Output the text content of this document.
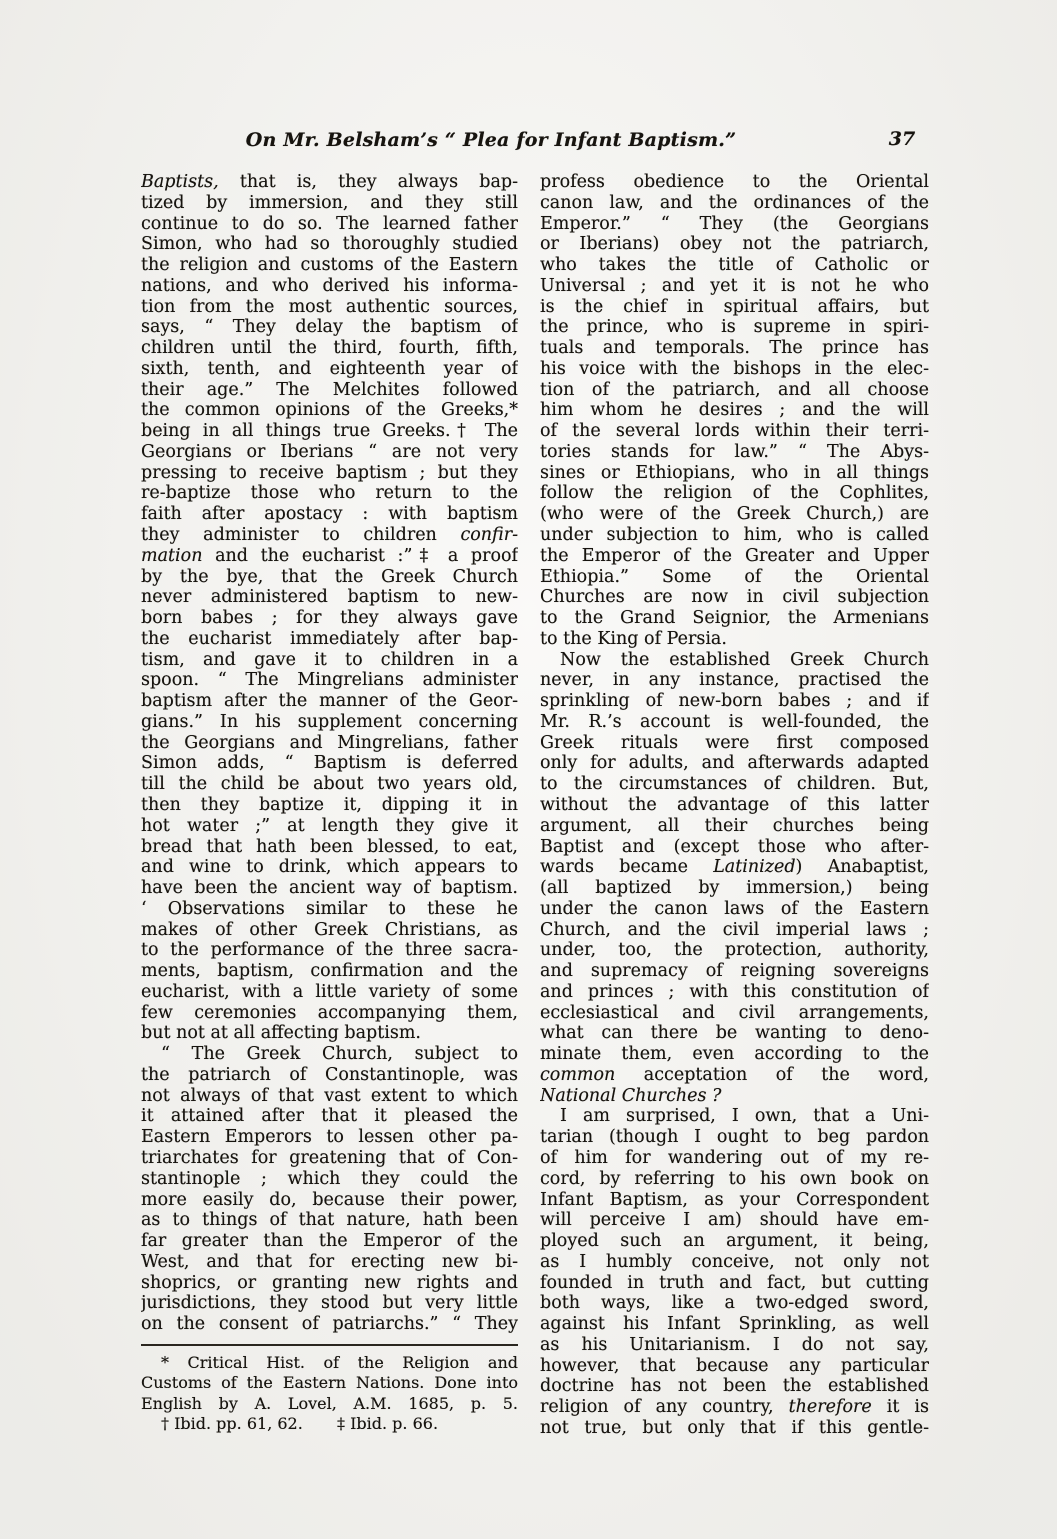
On Mr. Belsham’s “ Plea for Infant Baptism.”	37
Baptists, that is, they always bap-
tized by immersion, and they still
continue to do so. The learned father
Simon, who had so thoroughly studied
the religion and customs of the Eastern
nations, and who derived his informa-
tion from the most authentic sources,
says, “ They delay the baptism of
children until the third, fourth, fifth,
sixth, tenth, and eighteenth year of
their age.” The Melchites followed
the common opinions of the Greeks,*
being in all things true Greeks.† The
Georgians or Iberians “ are not very
pressing to receive baptism ; but they
re-baptize those who return to the
faith after apostacy : with baptism
they administer to children confir-
mation and the eucharist :”‡ a proof
by the bye, that the Greek Church
never administered baptism to new-
born babes ; for they always gave
the eucharist immediately after bap-
tism, and gave it to children in a
spoon. “ The Mingrelians administer
baptism after the manner of the Geor-
gians.” In his supplement concerning
the Georgians and Mingrelians, father
Simon adds, “ Baptism is deferred
till the child be about two years old,
then they baptize it, dipping it in
hot water ;” at length they give it
bread that hath been blessed, to eat,
and wine to drink, which appears to
have been the ancient way of baptism.
‘ Observations similar to these he
makes of other Greek Christians, as
to the performance of the three sacra-
ments, baptism, confirmation and the
eucharist, with a little variety of some
few ceremonies accompanying them,
but not at all affecting baptism.
“ The Greek Church, subject to
the patriarch of Constantinople, was
not always of that vast extent to which
it attained after that it pleased the
Eastern Emperors to lessen other pa-
triarchates for greatening that of Con-
stantinople ; which they could the
more easily do, because their power,
as to things of that nature, hath been
far greater than the Emperor of the
West, and that for erecting new bi-
shoprics, or granting new rights and
jurisdictions, they stood but very little
on the consent of patriarchs.” “ They
* Critical Hist. of the Religion and
Customs of the Eastern Nations. Done into
English by A. Lovel, A.M. 1685, p. 5.
† Ibid. pp. 61, 62.    ‡ Ibid. p. 66.
profess obedience to the Oriental
canon law, and the ordinances of the
Emperor.” “ They (the Georgians
or Iberians) obey not the patriarch,
who takes the title of Catholic or
Universal ; and yet it is not he who
is the chief in spiritual affairs, but
the prince, who is supreme in spiri-
tuals and temporals. The prince has
his voice with the bishops in the elec-
tion of the patriarch, and all choose
him whom he desires ; and the will
of the several lords within their terri-
tories stands for law.” “ The Abys-
sines or Ethiopians, who in all things
follow the religion of the Cophlites,
(who were of the Greek Church,) are
under subjection to him, who is called
the Emperor of the Greater and Upper
Ethiopia.” Some of the Oriental
Churches are now in civil subjection
to the Grand Seignior, the Armenians
to the King of Persia.
Now the established Greek Church
never, in any instance, practised the
sprinkling of new-born babes ; and if
Mr. R.’s account is well-founded, the
Greek rituals were first composed
only for adults, and afterwards adapted
to the circumstances of children. But,
without the advantage of this latter
argument, all their churches being
Baptist and (except those who after-
wards became Latinized) Anabaptist,
(all baptized by immersion,) being
under the canon laws of the Eastern
Church, and the civil imperial laws ;
under, too, the protection, authority,
and supremacy of reigning sovereigns
and princes ; with this constitution of
ecclesiastical and civil arrangements,
what can there be wanting to deno-
minate them, even according to the
common acceptation of the word,
National Churches ?
I am surprised, I own, that a Uni-
tarian (though I ought to beg pardon
of him for wandering out of my re-
cord, by referring to his own book on
Infant Baptism, as your Correspondent
will perceive I am) should have em-
ployed such an argument, it being,
as I humbly conceive, not only not
founded in truth and fact, but cutting
both ways, like a two-edged sword,
against his Infant Sprinkling, as well
as his Unitarianism. I do not say,
however, that because any particular
doctrine has not been the established
religion of any country, therefore it is
not true, but only that if this gentle-
